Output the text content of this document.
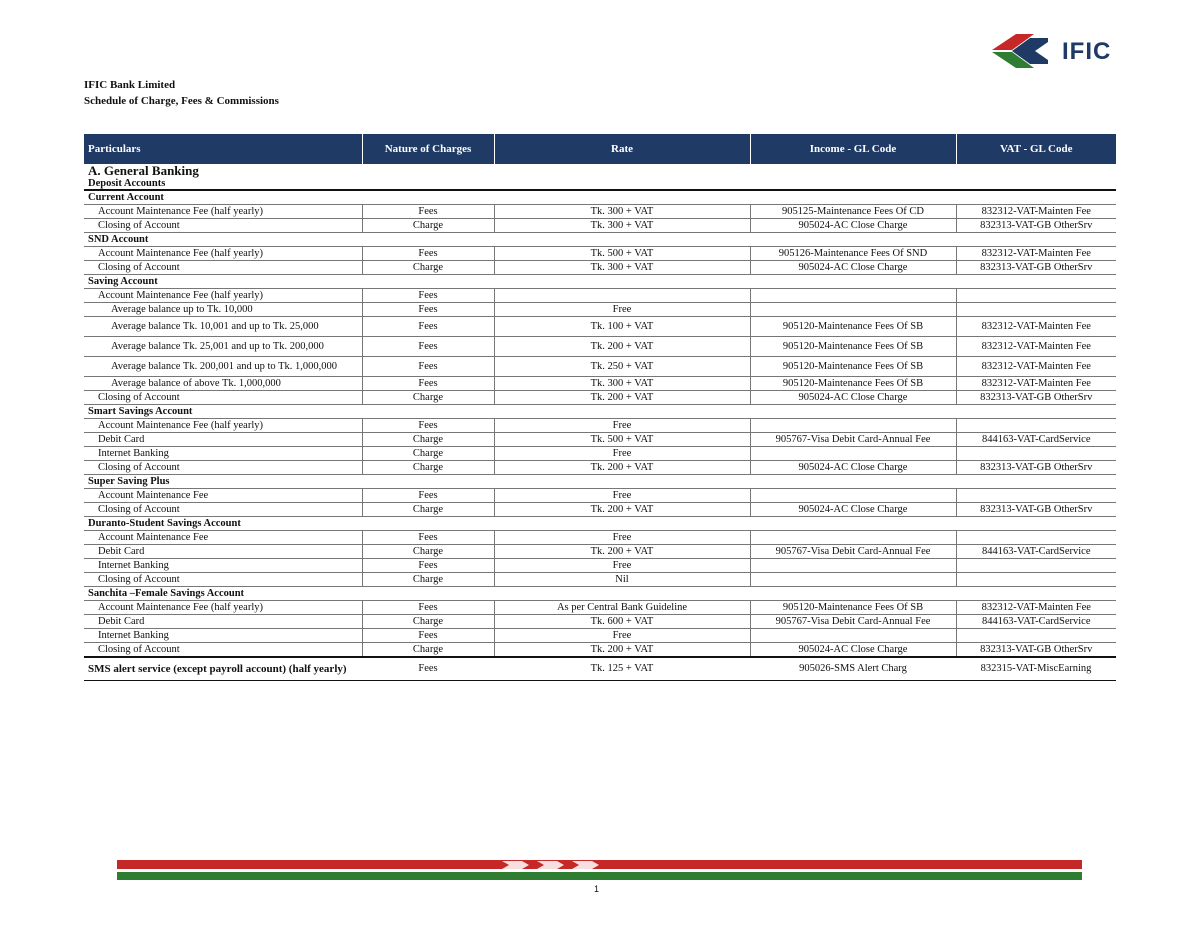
IFIC
IFIC Bank Limited
Schedule of Charge, Fees & Commissions
Particulars	Nature of Charges	Rate	Income - GL Code	VAT - GL Code
A. General Banking				
Deposit Accounts				
Current Account				
Account Maintenance Fee (half yearly)	Fees	Tk. 300 + VAT	905125-Maintenance Fees Of CD	832312-VAT-Mainten Fee
Closing of Account	Charge	Tk. 300 + VAT	905024-AC Close Charge	832313-VAT-GB OtherSrv
SND Account				
Account Maintenance Fee (half yearly)	Fees	Tk. 500 + VAT	905126-Maintenance Fees Of SND	832312-VAT-Mainten Fee
Closing of Account	Charge	Tk. 300 + VAT	905024-AC Close Charge	832313-VAT-GB OtherSrv
Saving Account				
Account Maintenance Fee (half yearly)	Fees			
Average balance up to Tk. 10,000	Fees	Free		
Average balance Tk. 10,001 and up to Tk. 25,000	Fees	Tk. 100 + VAT	905120-Maintenance Fees Of SB	832312-VAT-Mainten Fee
Average balance Tk. 25,001 and up to Tk. 200,000	Fees	Tk. 200 + VAT	905120-Maintenance Fees Of SB	832312-VAT-Mainten Fee
Average balance Tk. 200,001 and up to Tk. 1,000,000	Fees	Tk. 250 + VAT	905120-Maintenance Fees Of SB	832312-VAT-Mainten Fee
Average balance of above Tk. 1,000,000	Fees	Tk. 300 + VAT	905120-Maintenance Fees Of SB	832312-VAT-Mainten Fee
Closing of Account	Charge	Tk. 200 + VAT	905024-AC Close Charge	832313-VAT-GB OtherSrv
Smart Savings Account				
Account Maintenance Fee (half yearly)	Fees	Free		
Debit Card	Charge	Tk. 500 + VAT	905767-Visa Debit Card-Annual Fee	844163-VAT-CardService
Internet Banking	Charge	Free		
Closing of Account	Charge	Tk. 200 + VAT	905024-AC Close Charge	832313-VAT-GB OtherSrv
Super Saving Plus				
Account Maintenance Fee	Fees	Free		
Closing of Account	Charge	Tk. 200 + VAT	905024-AC Close Charge	832313-VAT-GB OtherSrv
Duranto-Student Savings Account				
Account Maintenance Fee	Fees	Free		
Debit Card	Charge	Tk. 200 + VAT	905767-Visa Debit Card-Annual Fee	844163-VAT-CardService
Internet Banking	Fees	Free		
Closing of Account	Charge	Nil		
Sanchita –Female Savings Account				
Account Maintenance Fee (half yearly)	Fees	As per Central Bank Guideline	905120-Maintenance Fees Of SB	832312-VAT-Mainten Fee
Debit Card	Charge	Tk. 600 + VAT	905767-Visa Debit Card-Annual Fee	844163-VAT-CardService
Internet Banking	Fees	Free		
Closing of Account	Charge	Tk. 200 + VAT	905024-AC Close Charge	832313-VAT-GB OtherSrv
SMS alert service (except payroll account) (half yearly)	Fees	Tk. 125 + VAT	905026-SMS Alert Charg	832315-VAT-MiscEarning
1
